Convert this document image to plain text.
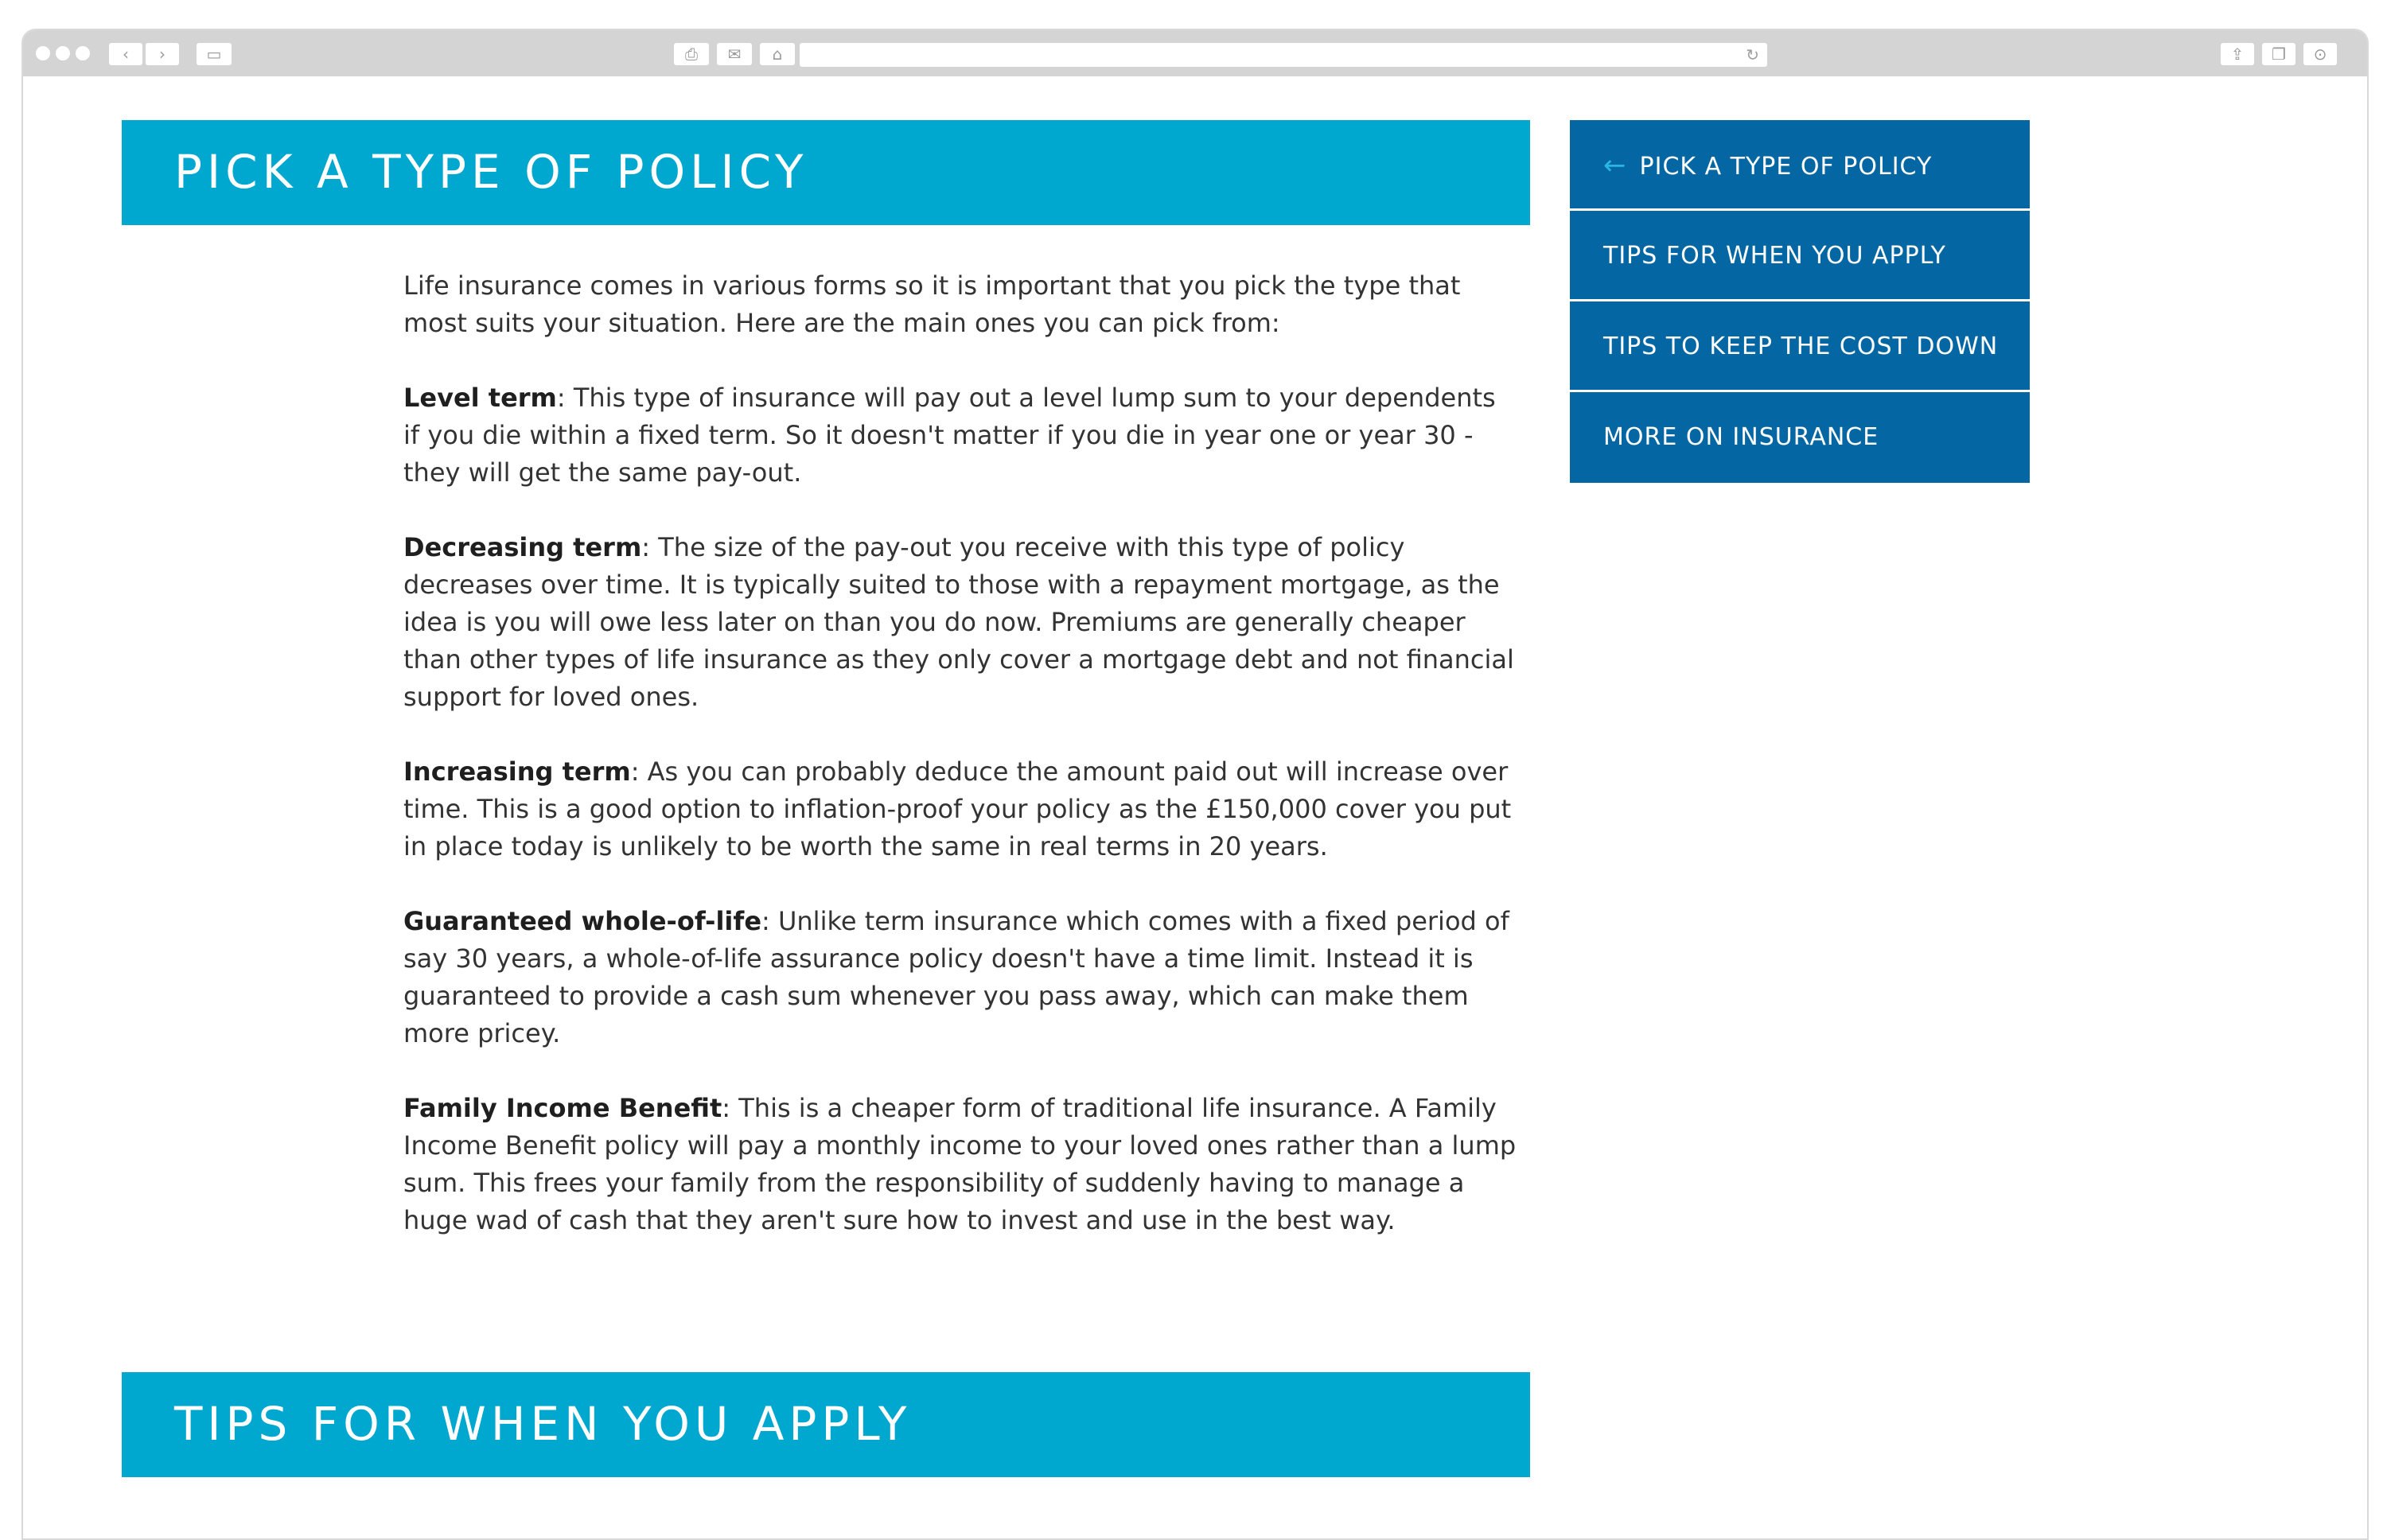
‹	›	▭	⎙	✉	⌂	↻	⇪	❐	⊙
PICK A TYPE OF POLICY

Life insurance comes in various forms so it is important that you pick the type that most suits your situation. Here are the main ones you can pick from:

Level term: This type of insurance will pay out a level lump sum to your dependents if you die within a fixed term. So it doesn't matter if you die in year one or year 30 - they will get the same pay-out.

Decreasing term: The size of the pay-out you receive with this type of policy decreases over time. It is typically suited to those with a repayment mortgage, as the idea is you will owe less later on than you do now. Premiums are generally cheaper than other types of life insurance as they only cover a mortgage debt and not financial support for loved ones.

Increasing term: As you can probably deduce the amount paid out will increase over time. This is a good option to inflation-proof your policy as the £150,000 cover you put in place today is unlikely to be worth the same in real terms in 20 years.

Guaranteed whole-of-life: Unlike term insurance which comes with a fixed period of say 30 years, a whole-of-life assurance policy doesn't have a time limit. Instead it is guaranteed to provide a cash sum whenever you pass away, which can make them more pricey.

Family Income Benefit: This is a cheaper form of traditional life insurance. A Family Income Benefit policy will pay a monthly income to your loved ones rather than a lump sum. This frees your family from the responsibility of suddenly having to manage a huge wad of cash that they aren't sure how to invest and use in the best way.

TIPS FOR WHEN YOU APPLY
← PICK A TYPE OF POLICY
TIPS FOR WHEN YOU APPLY
TIPS TO KEEP THE COST DOWN
MORE ON INSURANCE
